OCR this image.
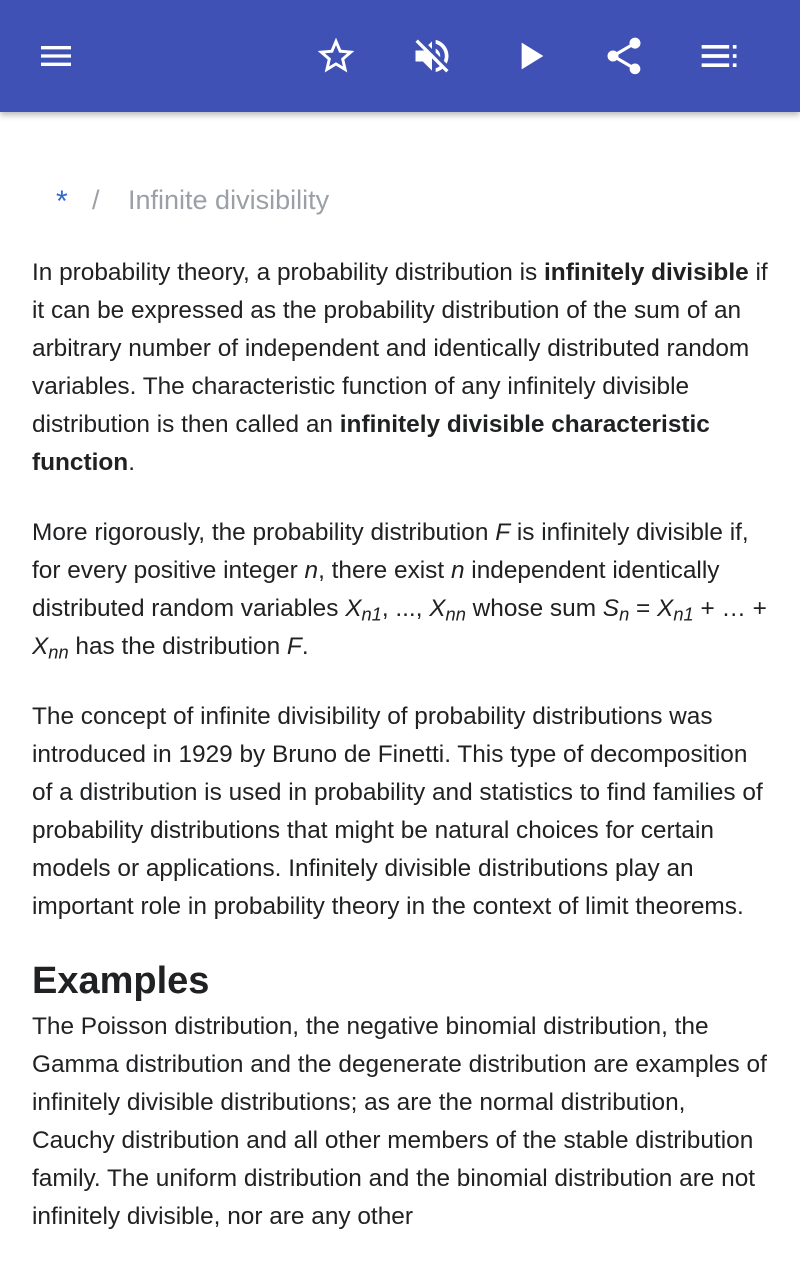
* / Infinite divisibility

In probability theory, a probability distribution is infinitely divisible if it can be expressed as the probability distribution of the sum of an arbitrary number of independent and identically distributed random variables. The characteristic function of any infinitely divisible distribution is then called an infinitely divisible characteristic function.

More rigorously, the probability distribution F is infinitely divisible if, for every positive integer n, there exist n independent identically distributed random variables $X_{n1}$, ..., $X_{nn}$ whose sum $S_n = X_{n1}$ + … + $X_{nn}$ has the distribution F.

The concept of infinite divisibility of probability distributions was introduced in 1929 by Bruno de Finetti. This type of decomposition of a distribution is used in probability and statistics to find families of probability distributions that might be natural choices for certain models or applications. Infinitely divisible distributions play an important role in probability theory in the context of limit theorems.

Examples

The Poisson distribution, the negative binomial distribution, the Gamma distribution and the degenerate distribution are examples of infinitely divisible distributions; as are the normal distribution, Cauchy distribution and all other members of the stable distribution family. The uniform distribution and the binomial distribution are not infinitely divisible, nor are any other
